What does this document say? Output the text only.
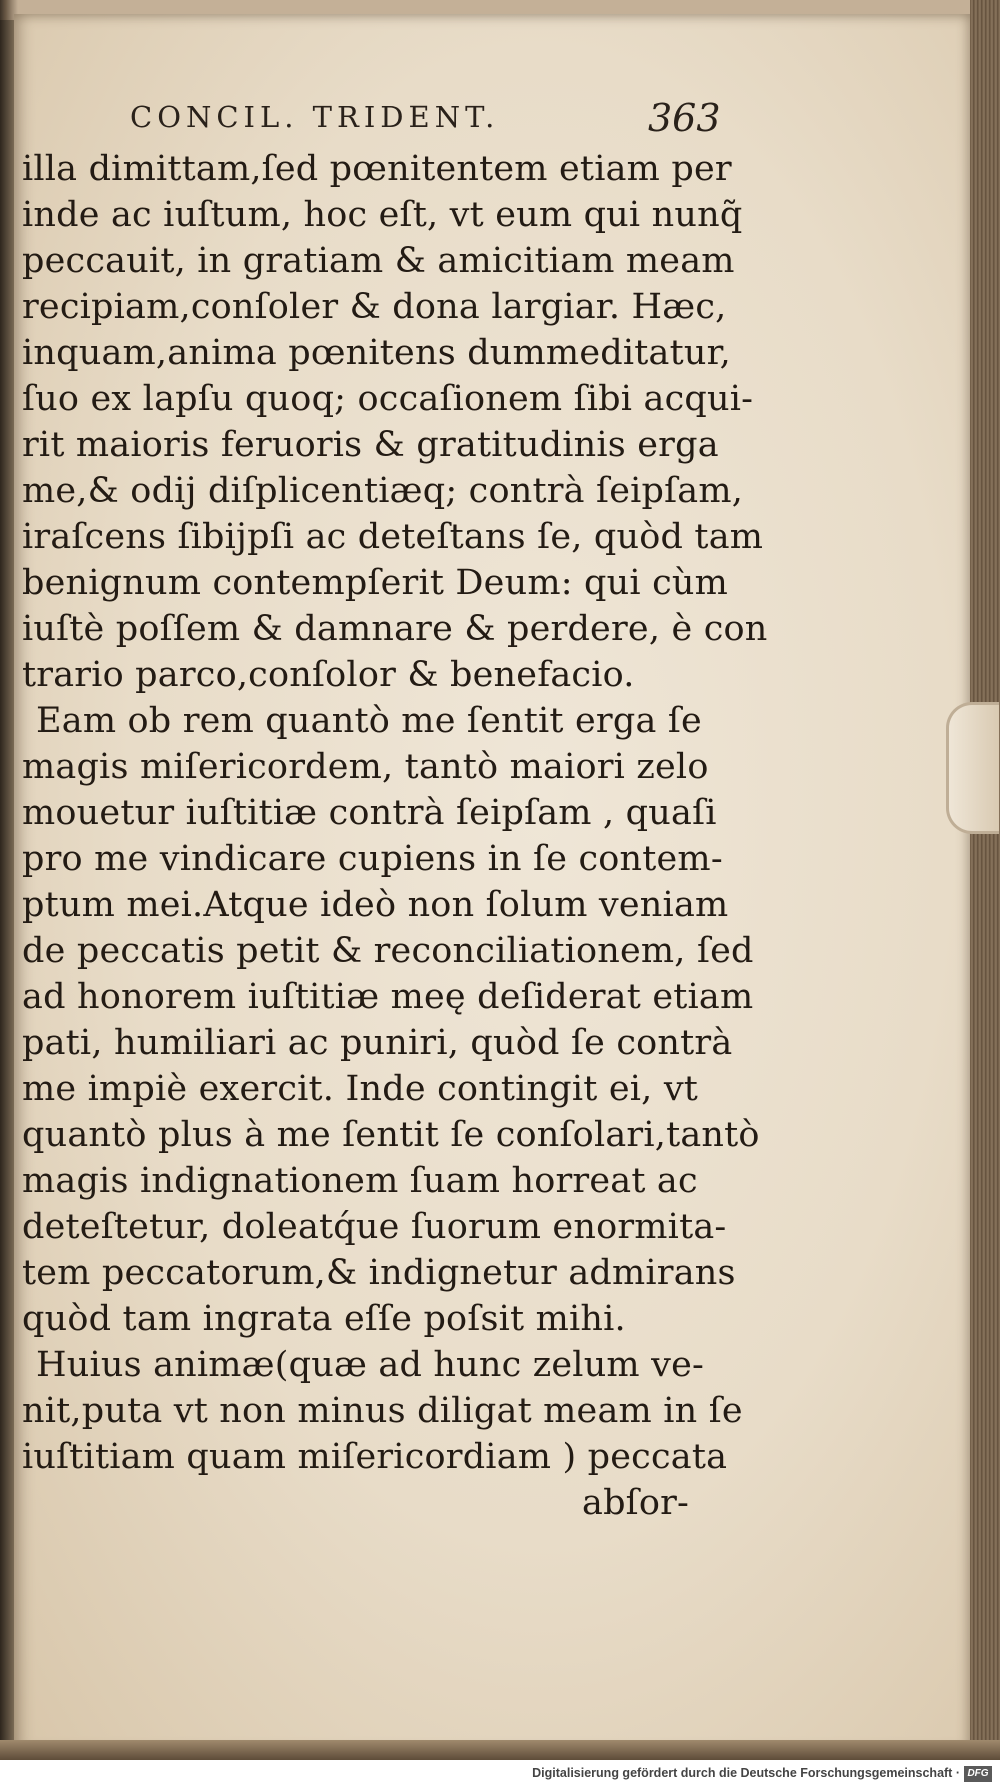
CONCIL. TRIDENT.	363
illa dimittam,ſed pœnitentem etiam per
inde ac iuſtum, hoc eſt, vt eum qui nunq̃
peccauit, in gratiam & amicitiam meam
recipiam,conſoler & dona largiar. Hæc,
inquam,anima pœnitens dummeditatur,
ſuo ex lapſu quoq; occaſionem ſibi acqui-
rit maioris feruoris & gratitudinis erga
me,& odij diſplicentiæq; contrà ſeipſam,
iraſcens ſibijpſi ac deteſtans ſe, quòd tam
benignum contempſerit Deum: qui cùm
iuſtè poſſem & damnare & perdere, è con
trario parco,conſolor & benefacio.
Eam ob rem quantò me ſentit erga ſe
magis miſericordem, tantò maiori zelo
mouetur iuſtitiæ contrà ſeipſam , quaſi
pro me vindicare cupiens in ſe contem-
ptum mei.Atque ideò non ſolum veniam
de peccatis petit & reconciliationem, ſed
ad honorem iuſtitiæ meę deſiderat etiam
pati, humiliari ac puniri, quòd ſe contrà
me impiè exercit. Inde contingit ei, vt
quantò plus à me ſentit ſe conſolari,tantò
magis indignationem ſuam horreat ac
deteſtetur, doleatq́ue ſuorum enormita-
tem peccatorum,& indignetur admirans
quòd tam ingrata eſſe poſsit mihi.
Huius animæ(quæ ad hunc zelum ve-
nit,puta vt non minus diligat meam in ſe
iuſtitiam quam miſericordiam ) peccata
abſor-
Digitalisierung gefördert durch die Deutsche Forschungsgemeinschaft · DFG
